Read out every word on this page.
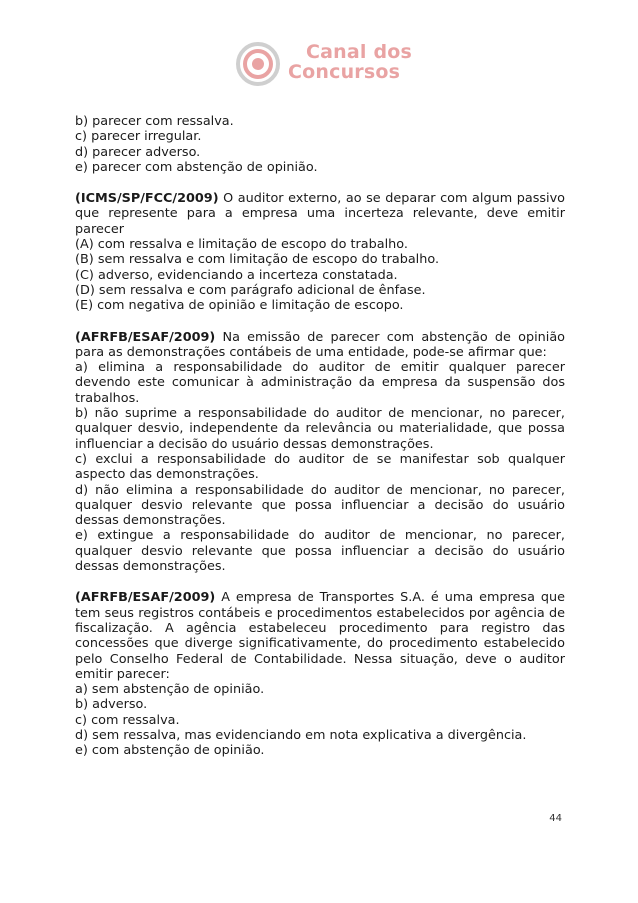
Canal dos
Concursos

b) parecer com ressalva.

c) parecer irregular.

d) parecer adverso.

e) parecer com abstenção de opinião.

(ICMS/SP/FCC/2009) O auditor externo, ao se deparar com algum passivo que represente para a empresa uma incerteza relevante, deve emitir parecer

(A) com ressalva e limitação de escopo do trabalho.

(B) sem ressalva e com limitação de escopo do trabalho.

(C) adverso, evidenciando a incerteza constatada.

(D) sem ressalva e com parágrafo adicional de ênfase.

(E) com negativa de opinião e limitação de escopo.

(AFRFB/ESAF/2009) Na emissão de parecer com abstenção de opinião para as demonstrações contábeis de uma entidade, pode-se afirmar que:

a) elimina a responsabilidade do auditor de emitir qualquer parecer devendo este comunicar à administração da empresa da suspensão dos trabalhos.

b) não suprime a responsabilidade do auditor de mencionar, no parecer, qualquer desvio, independente da relevância ou materialidade, que possa influenciar a decisão do usuário dessas demonstrações.

c) exclui a responsabilidade do auditor de se manifestar sob qualquer aspecto das demonstrações.

d) não elimina a responsabilidade do auditor de mencionar, no parecer, qualquer desvio relevante que possa influenciar a decisão do usuário dessas demonstrações.

e) extingue a responsabilidade do auditor de mencionar, no parecer, qualquer desvio relevante que possa influenciar a decisão do usuário dessas demonstrações.

(AFRFB/ESAF/2009) A empresa de Transportes S.A. é uma empresa que tem seus registros contábeis e procedimentos estabelecidos por agência de fiscalização. A agência estabeleceu procedimento para registro das concessões que diverge significativamente, do procedimento estabelecido pelo Conselho Federal de Contabilidade. Nessa situação, deve o auditor emitir parecer:

a) sem abstenção de opinião.

b) adverso.

c) com ressalva.

d) sem ressalva, mas evidenciando em nota explicativa a divergência.

e) com abstenção de opinião.

44
